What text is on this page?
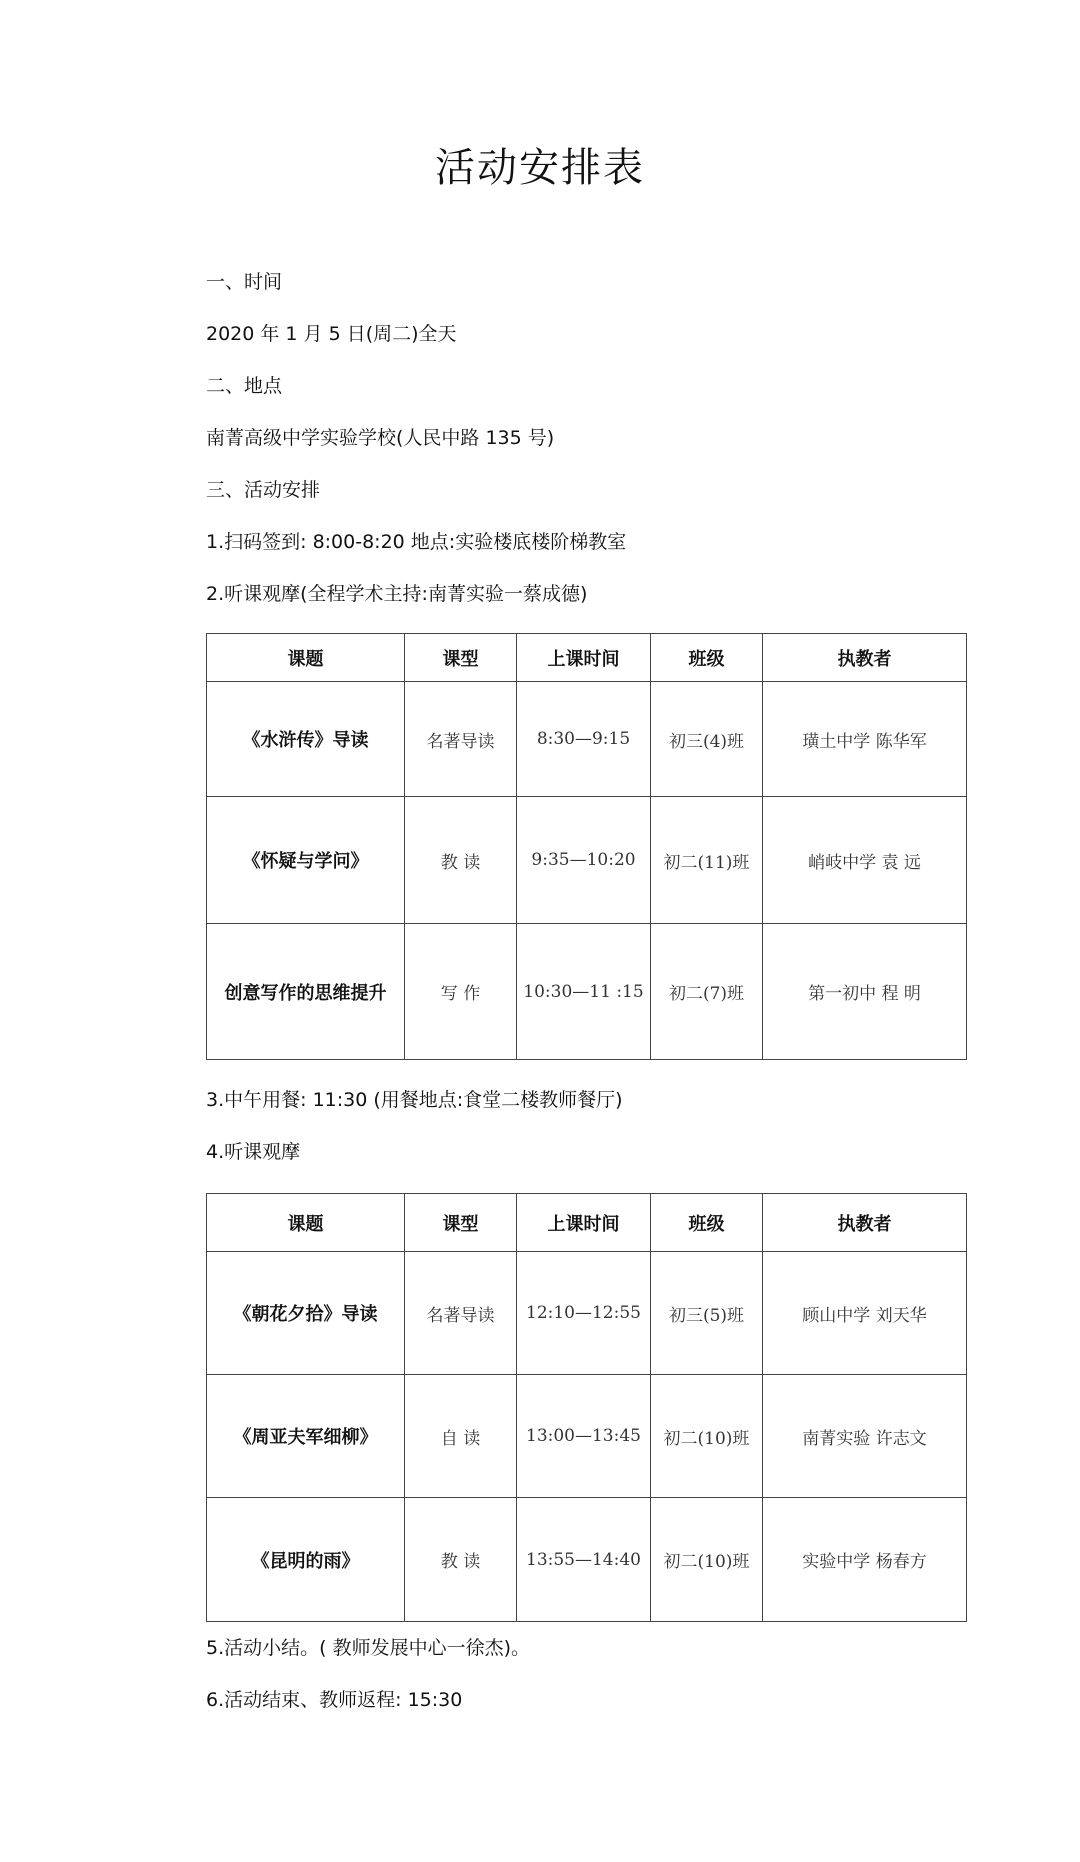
活动安排表
一、时间
2020 年 1 月 5 日(周二)全天
二、地点
南菁高级中学实验学校(人民中路 135 号)
三、活动安排
1.扫码签到: 8:00-8:20 地点:实验楼底楼阶梯教室
2.听课观摩(全程学术主持:南菁实验一蔡成德)
课题	课型	上课时间	班级	执教者
《水浒传》导读	名著导读	8:30—9:15	初三(4)班	璜土中学 陈华军
《怀疑与学问》	教 读	9:35—10:20	初二(11)班	峭岐中学 袁 远
创意写作的思维提升	写 作	10:30—11 :15	初二(7)班	第一初中 程 明
3.中午用餐: 11:30 (用餐地点:食堂二楼教师餐厅)
4.听课观摩
课题	课型	上课时间	班级	执教者
《朝花夕拾》导读	名著导读	12:10—12:55	初三(5)班	顾山中学 刘天华
《周亚夫军细柳》	自 读	13:00—13:45	初二(10)班	南菁实验 许志文
《昆明的雨》	教 读	13:55—14:40	初二(10)班	实验中学 杨春方
5.活动小结。( 教师发展中心一徐杰)。
6.活动结束、教师返程: 15:30
